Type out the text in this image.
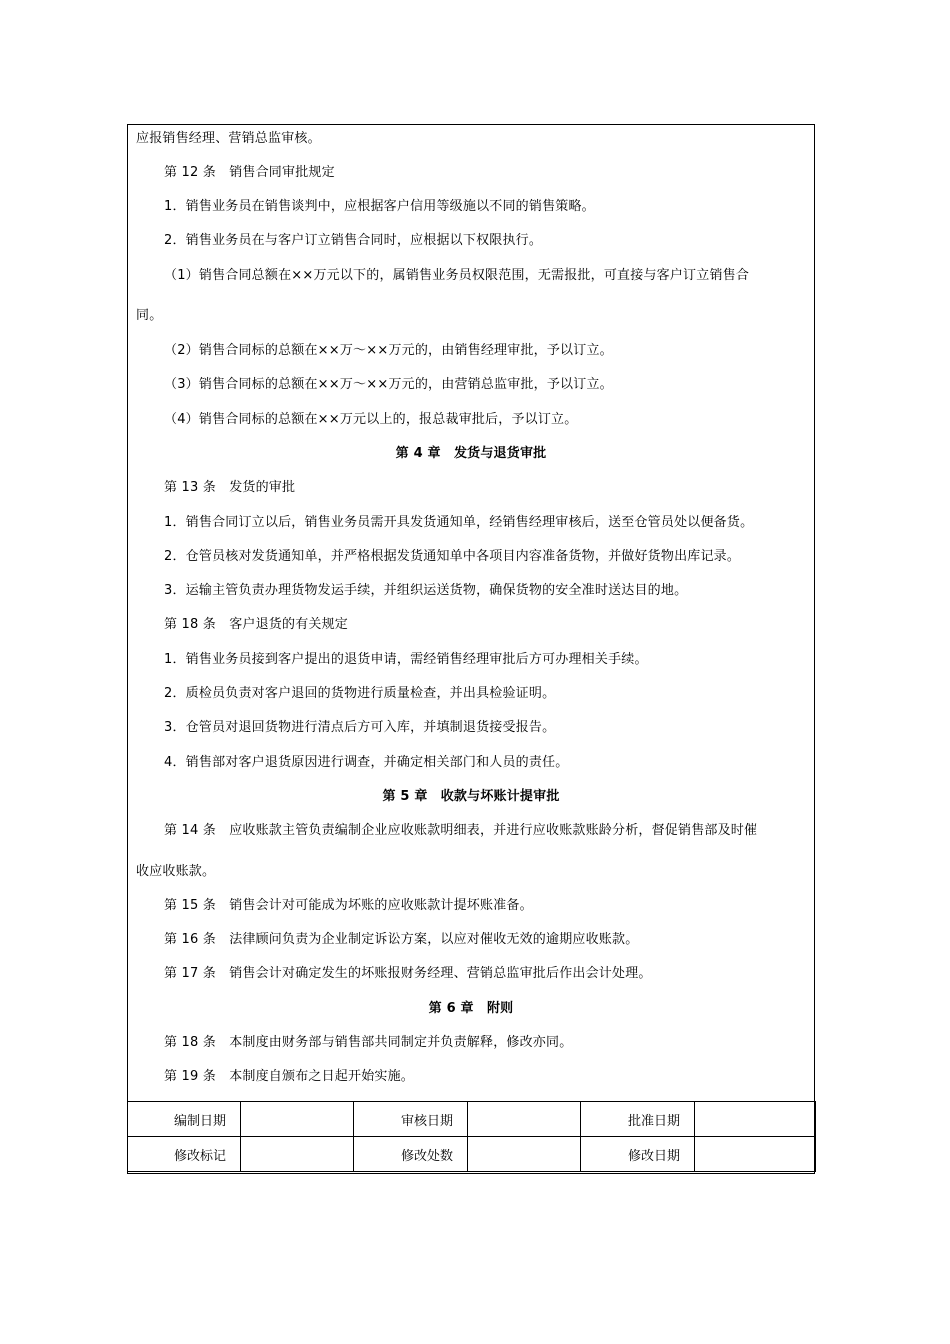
应报销售经理、营销总监审核。
第 12 条　销售合同审批规定
1．销售业务员在销售谈判中，应根据客户信用等级施以不同的销售策略。
2．销售业务员在与客户订立销售合同时，应根据以下权限执行。
（1）销售合同总额在××万元以下的，属销售业务员权限范围，无需报批，可直接与客户订立销售合
同。
（2）销售合同标的总额在××万～××万元的，由销售经理审批，予以订立。
（3）销售合同标的总额在××万～××万元的，由营销总监审批，予以订立。
（4）销售合同标的总额在××万元以上的，报总裁审批后，予以订立。
第 4 章　发货与退货审批
第 13 条　发货的审批
1．销售合同订立以后，销售业务员需开具发货通知单，经销售经理审核后，送至仓管员处以便备货。
2．仓管员核对发货通知单，并严格根据发货通知单中各项目内容准备货物，并做好货物出库记录。
3．运输主管负责办理货物发运手续，并组织运送货物，确保货物的安全准时送达目的地。
第 18 条　客户退货的有关规定
1．销售业务员接到客户提出的退货申请，需经销售经理审批后方可办理相关手续。
2．质检员负责对客户退回的货物进行质量检查，并出具检验证明。
3．仓管员对退回货物进行清点后方可入库，并填制退货接受报告。
4．销售部对客户退货原因进行调查，并确定相关部门和人员的责任。
第 5 章　收款与坏账计提审批
第 14 条　应收账款主管负责编制企业应收账款明细表，并进行应收账款账龄分析，督促销售部及时催
收应收账款。
第 15 条　销售会计对可能成为坏账的应收账款计提坏账准备。
第 16 条　法律顾问负责为企业制定诉讼方案，以应对催收无效的逾期应收账款。
第 17 条　销售会计对确定发生的坏账报财务经理、营销总监审批后作出会计处理。
第 6 章　附则
第 18 条　本制度由财务部与销售部共同制定并负责解释，修改亦同。
第 19 条　本制度自颁布之日起开始实施。
编制日期		审核日期		批准日期	
修改标记		修改处数		修改日期	
